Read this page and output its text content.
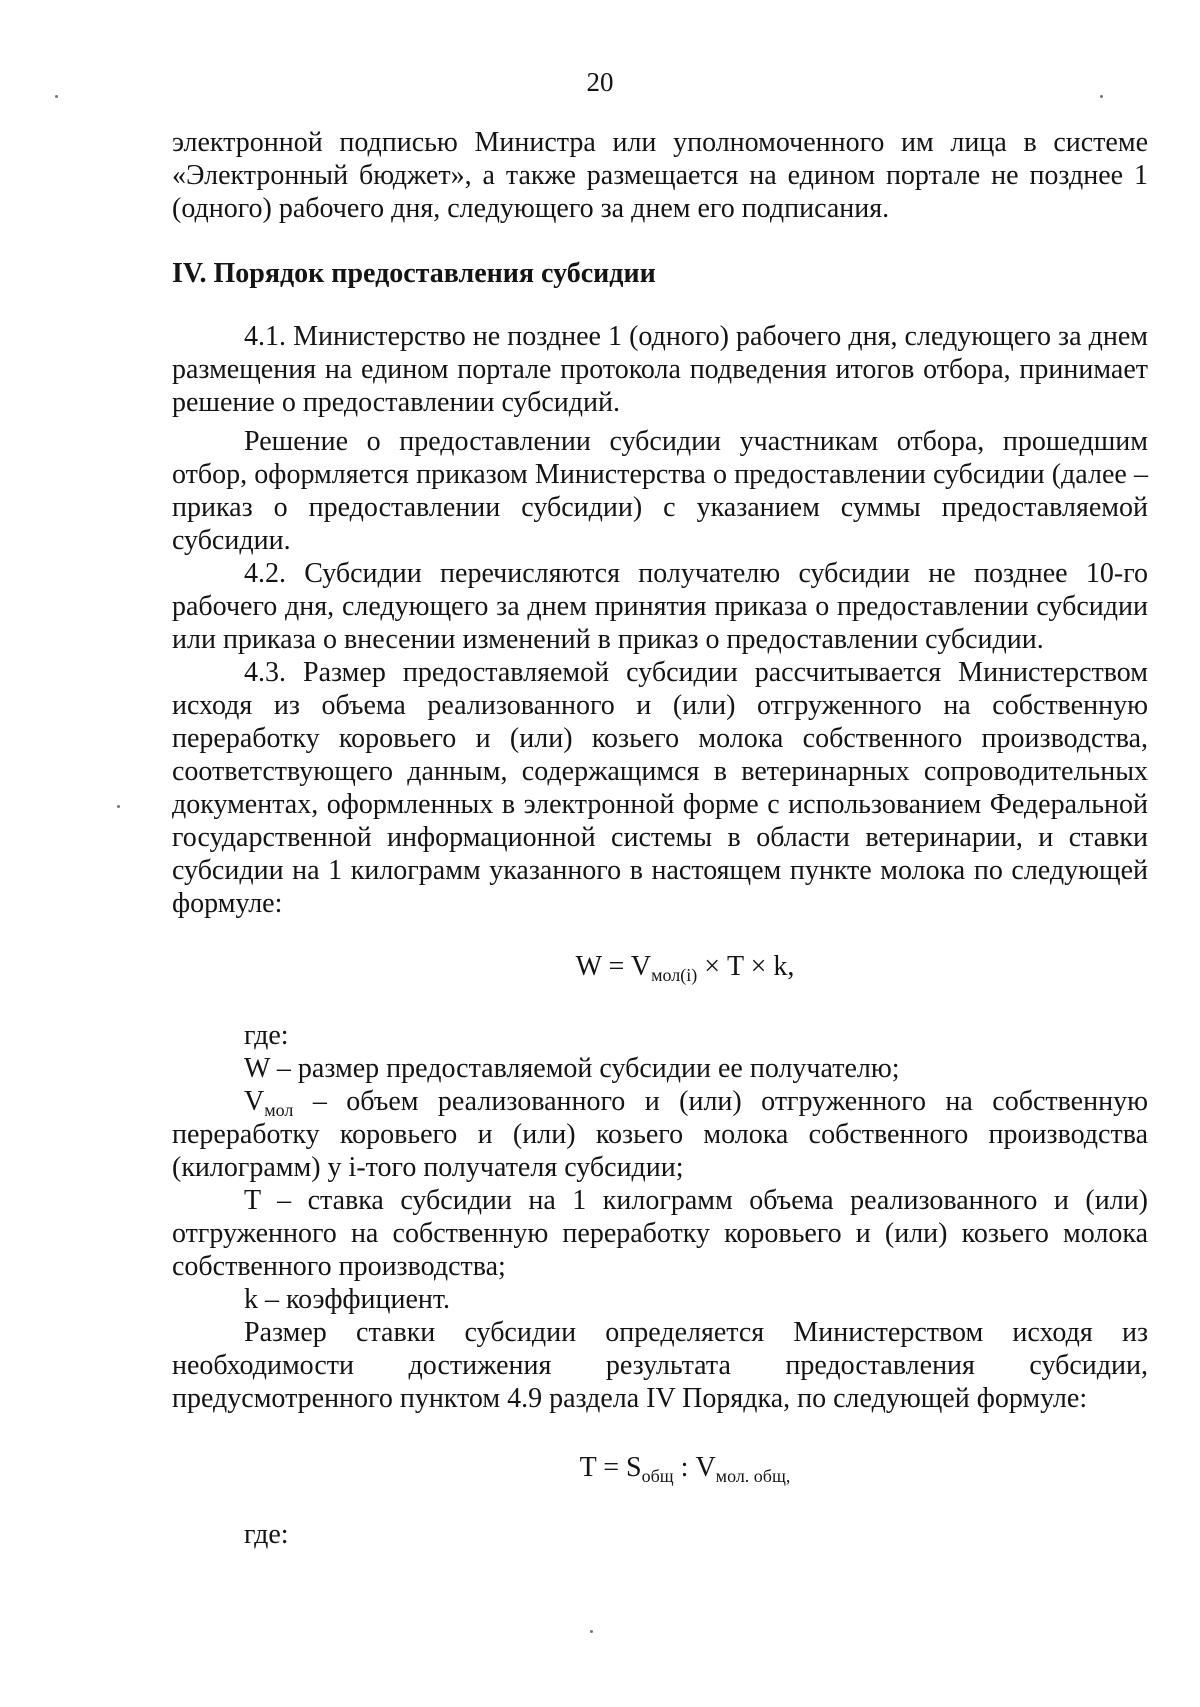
20

электронной подписью Министра или уполномоченного им лица в системе «Электронный бюджет», а также размещается на едином портале не позднее 1 (одного) рабочего дня, следующего за днем его подписания.

IV. Порядок предоставления субсидии

4.1. Министерство не позднее 1 (одного) рабочего дня, следующего за днем размещения на едином портале протокола подведения итогов отбора, принимает решение о предоставлении субсидий.

Решение о предоставлении субсидии участникам отбора, прошедшим отбор, оформляется приказом Министерства о предоставлении субсидии (далее – приказ о предоставлении субсидии) с указанием суммы предоставляемой субсидии.

4.2. Субсидии перечисляются получателю субсидии не позднее 10-го рабочего дня, следующего за днем принятия приказа о предоставлении субсидии или приказа о внесении изменений в приказ о предоставлении субсидии.

4.3. Размер предоставляемой субсидии рассчитывается Министерством исходя из объема реализованного и (или) отгруженного на собственную переработку коровьего и (или) козьего молока собственного производства, соответствующего данным, содержащимся в ветеринарных сопроводительных документах, оформленных в электронной форме с использованием Федеральной государственной информационной системы в области ветеринарии, и ставки субсидии на 1 килограмм указанного в настоящем пункте молока по следующей формуле:

$W = V_{мол(i)} \times T \times k$,

где:

W – размер предоставляемой субсидии ее получателю;

$V_{мол}$ – объем реализованного и (или) отгруженного на собственную переработку коровьего и (или) козьего молока собственного производства (килограмм) у i-того получателя субсидии;

T – ставка субсидии на 1 килограмм объема реализованного и (или) отгруженного на собственную переработку коровьего и (или) козьего молока собственного производства;

k – коэффициент.

Размер ставки субсидии определяется Министерством исходя из необходимости достижения результата предоставления субсидии, предусмотренного пунктом 4.9 раздела IV Порядка, по следующей формуле:

$T = S_{общ}$ : $V_{мол. общ,}$

где:
